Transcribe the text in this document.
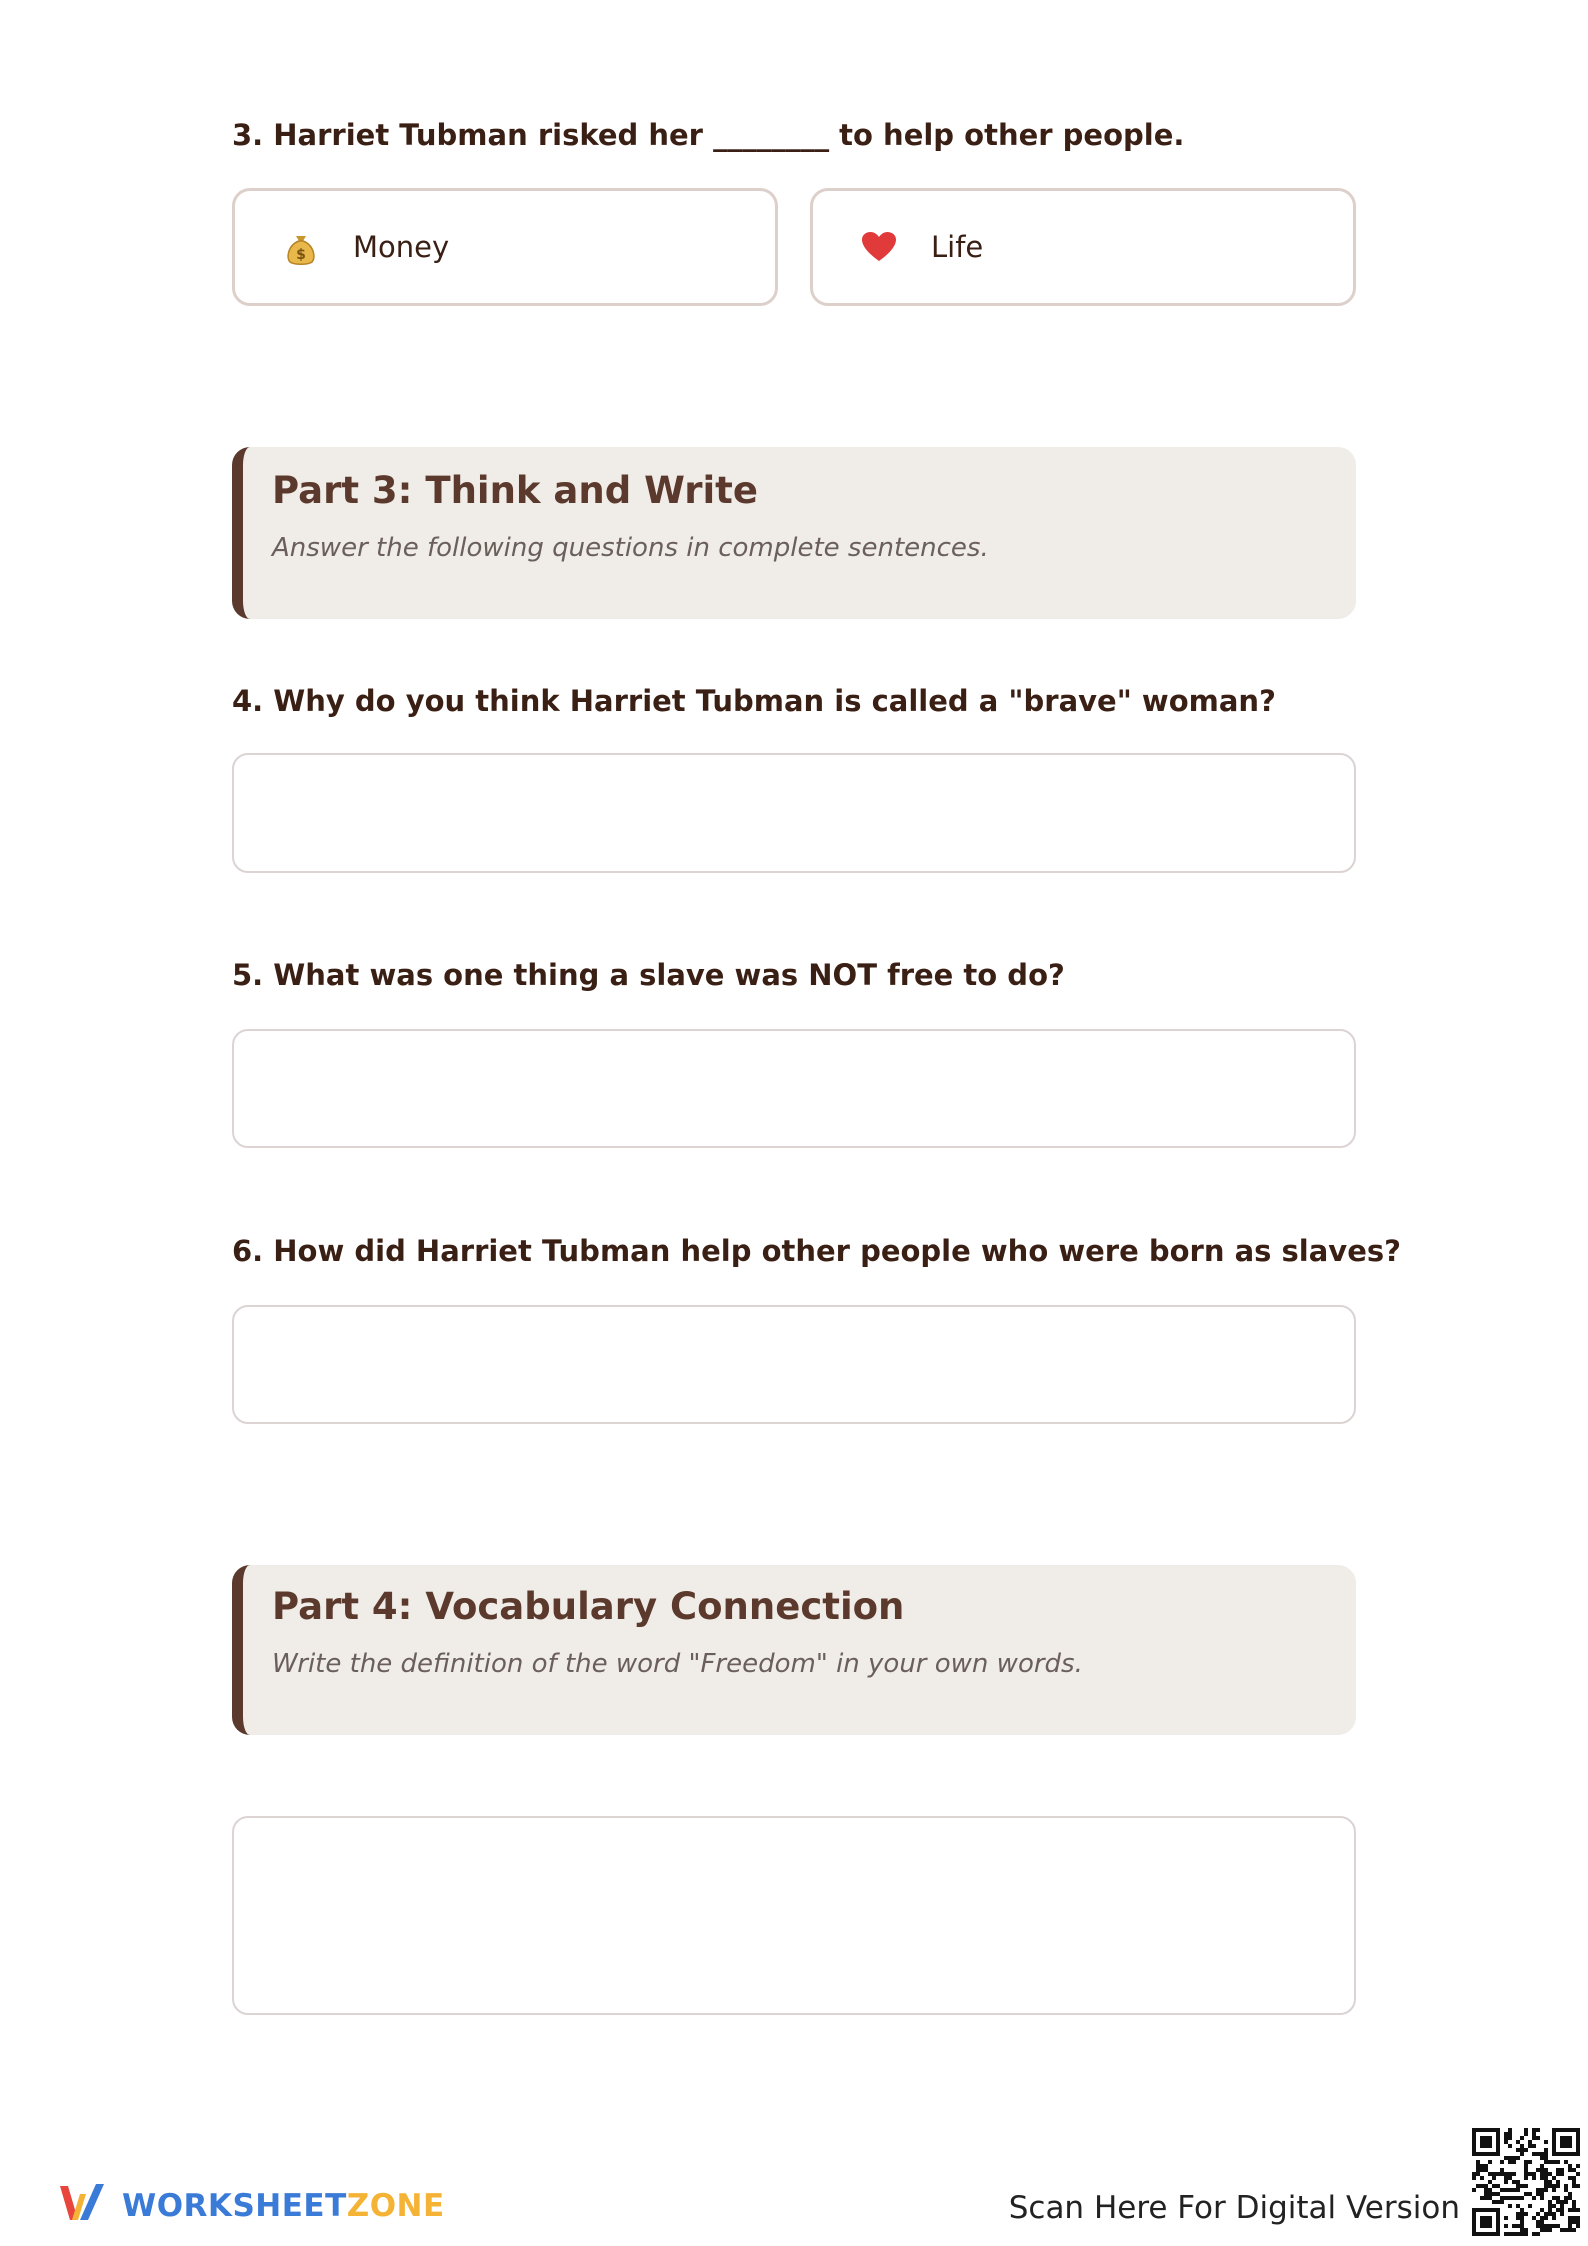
3. Harriet Tubman risked her ________ to help other people.
$ Money	Life
Part 3: Think and Write
Answer the following questions in complete sentences.
4. Why do you think Harriet Tubman is called a "brave" woman?
5. What was one thing a slave was NOT free to do?
6. How did Harriet Tubman help other people who were born as slaves?
Part 4: Vocabulary Connection
Write the definition of the word "Freedom" in your own words.
WORKSHEETZONE	Scan Here For Digital Version
